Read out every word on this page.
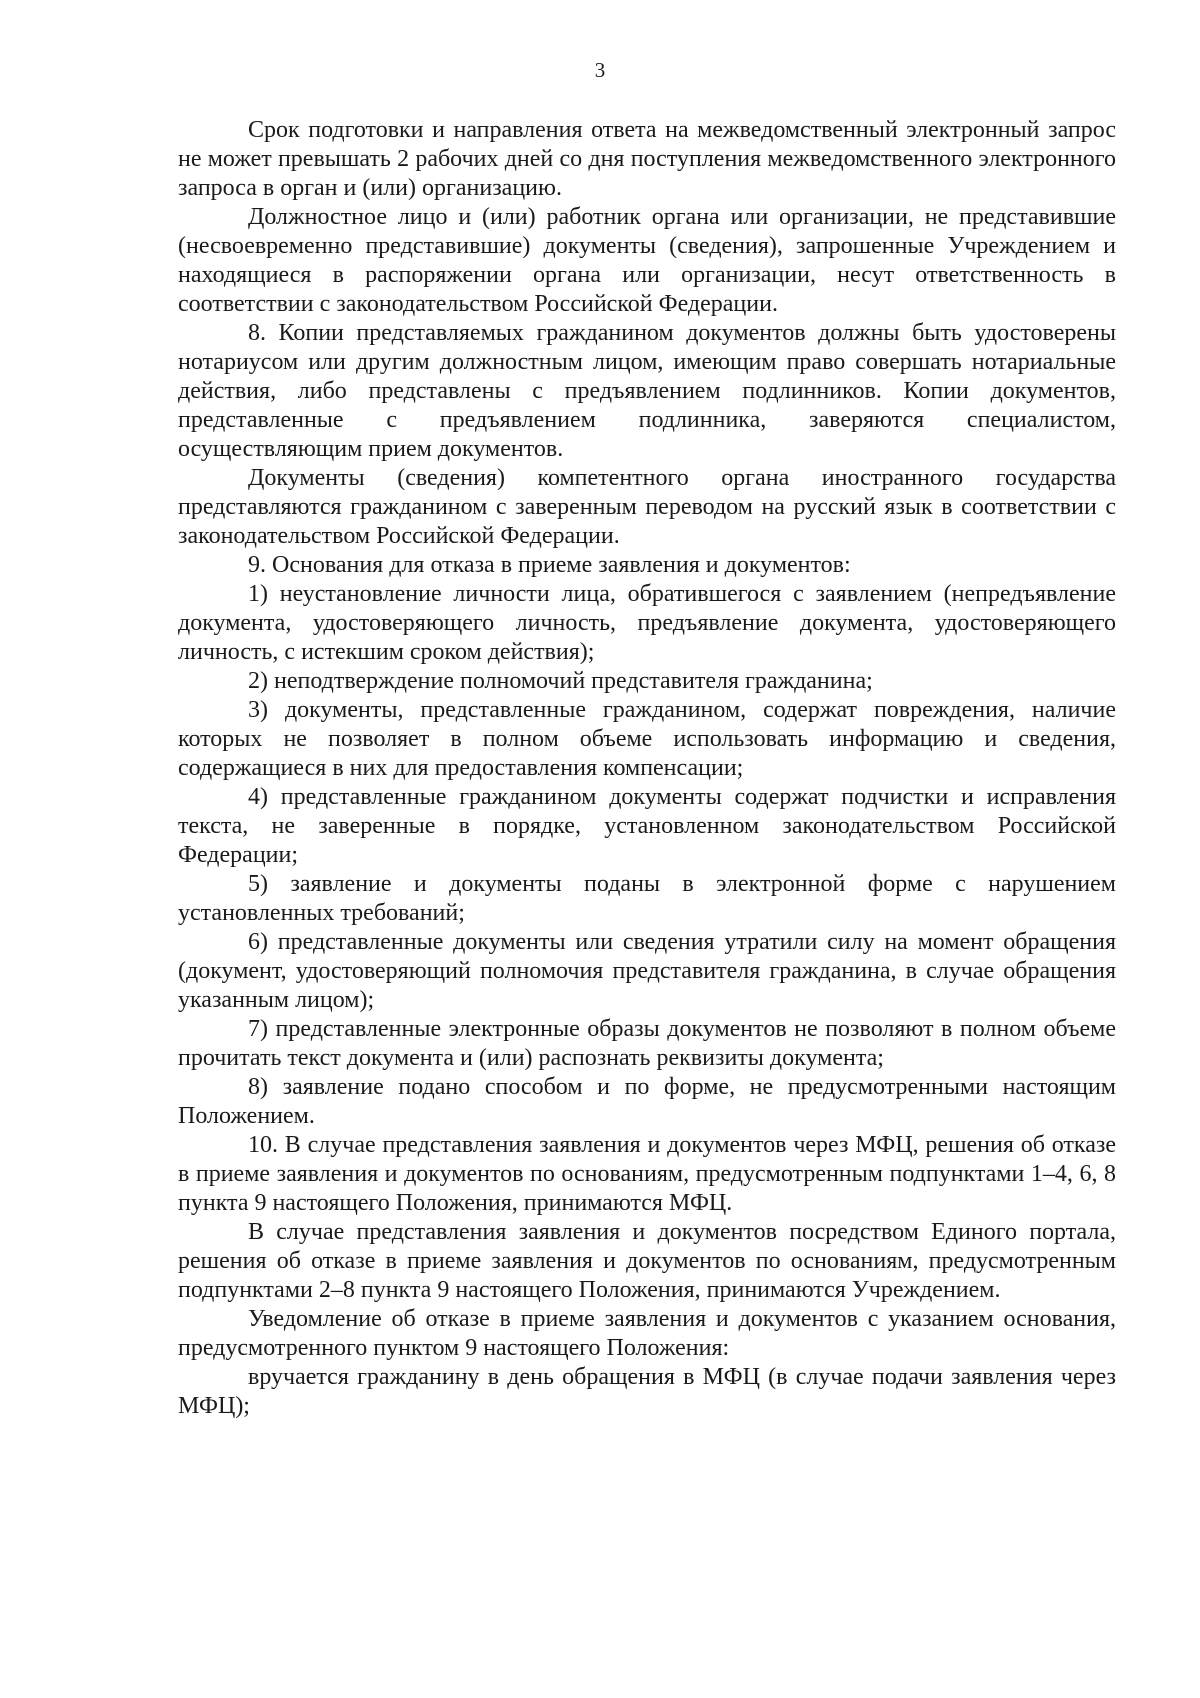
3

Срок подготовки и направления ответа на межведомственный электронный запрос не может превышать 2 рабочих дней со дня поступления межведомственного электронного запроса в орган и (или) организацию.

Должностное лицо и (или) работник органа или организации, не представившие (несвоевременно представившие) документы (сведения), запрошенные Учреждением и находящиеся в распоряжении органа или организации, несут ответственность в соответствии с законодательством Российской Федерации.

8. Копии представляемых гражданином документов должны быть удостоверены нотариусом или другим должностным лицом, имеющим право совершать нотариальные действия, либо представлены с предъявлением подлинников. Копии документов, представленные с предъявлением подлинника, заверяются специалистом, осуществляющим прием документов.

Документы (сведения) компетентного органа иностранного государства представляются гражданином с заверенным переводом на русский язык в соответствии с законодательством Российской Федерации.

9. Основания для отказа в приеме заявления и документов:

1) неустановление личности лица, обратившегося с заявлением (непредъявление документа, удостоверяющего личность, предъявление документа, удостоверяющего личность, с истекшим сроком действия);

2) неподтверждение полномочий представителя гражданина;

3) документы, представленные гражданином, содержат повреждения, наличие которых не позволяет в полном объеме использовать информацию и сведения, содержащиеся в них для предоставления компенсации;

4) представленные гражданином документы содержат подчистки и исправления текста, не заверенные в порядке, установленном законодательством Российской Федерации;

5) заявление и документы поданы в электронной форме с нарушением установленных требований;

6) представленные документы или сведения утратили силу на момент обращения (документ, удостоверяющий полномочия представителя гражданина, в случае обращения указанным лицом);

7) представленные электронные образы документов не позволяют в полном объеме прочитать текст документа и (или) распознать реквизиты документа;

8) заявление подано способом и по форме, не предусмотренными настоящим Положением.

10. В случае представления заявления и документов через МФЦ, решения об отказе в приеме заявления и документов по основаниям, предусмотренным подпунктами 1–4, 6, 8 пункта 9 настоящего Положения, принимаются МФЦ.

В случае представления заявления и документов посредством Единого портала, решения об отказе в приеме заявления и документов по основаниям, предусмотренным подпунктами 2–8 пункта 9 настоящего Положения, принимаются Учреждением.

Уведомление об отказе в приеме заявления и документов с указанием основания, предусмотренного пунктом 9 настоящего Положения:

вручается гражданину в день обращения в МФЦ (в случае подачи заявления через МФЦ);
